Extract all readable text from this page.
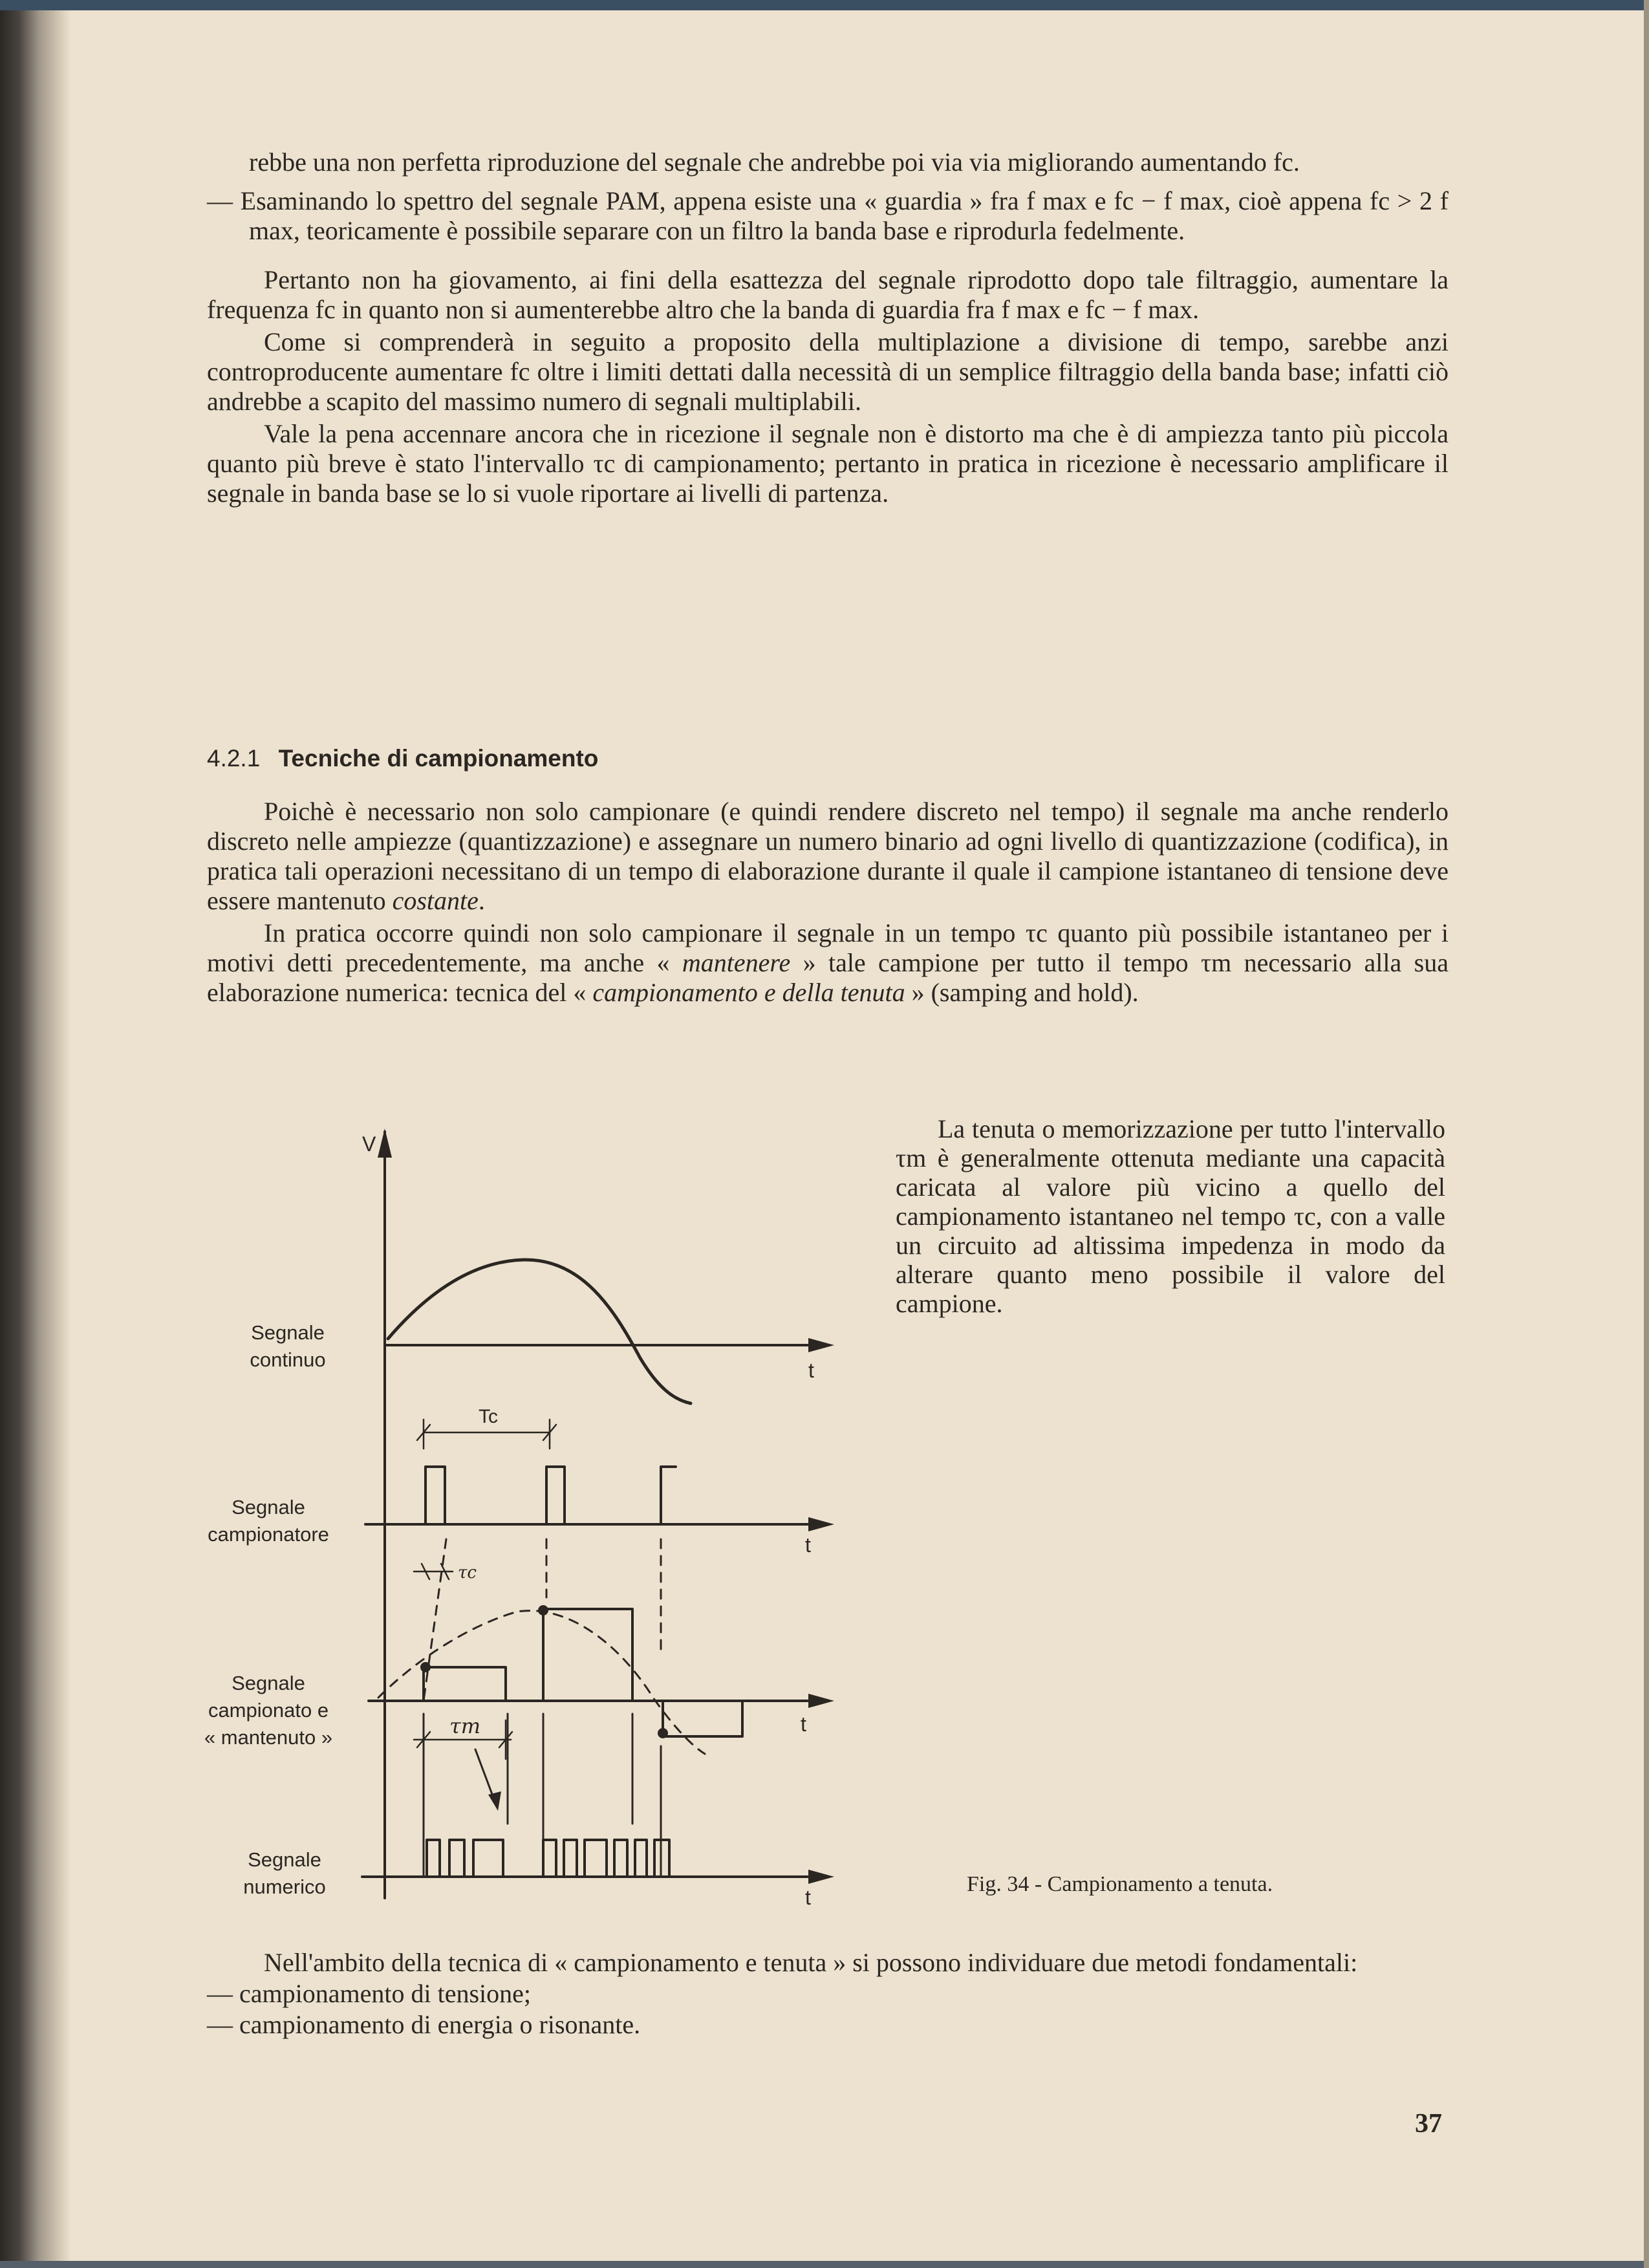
rebbe una non perfetta riproduzione del segnale che andrebbe poi via via migliorando aumentando fc.

— Esaminando lo spettro del segnale PAM, appena esiste una « guardia » fra f max e fc − f max, cioè appena fc > 2 f max, teoricamente è possibile separare con un filtro la banda base e riprodurla fedelmente.

Pertanto non ha giovamento, ai fini della esattezza del segnale riprodotto dopo tale filtraggio, aumentare la frequenza fc in quanto non si aumenterebbe altro che la banda di guardia fra f max e fc − f max.

Come si comprenderà in seguito a proposito della multiplazione a divisione di tempo, sarebbe anzi controproducente aumentare fc oltre i limiti dettati dalla necessità di un semplice filtraggio della banda base; infatti ciò andrebbe a scapito del massimo numero di segnali multiplabili.

Vale la pena accennare ancora che in ricezione il segnale non è distorto ma che è di ampiezza tanto più piccola quanto più breve è stato l'intervallo τc di campionamento; pertanto in pratica in ricezione è necessario amplificare il segnale in banda base se lo si vuole riportare ai livelli di partenza.

4.2.1 Tecniche di campionamento

Poichè è necessario non solo campionare (e quindi rendere discreto nel tempo) il segnale ma anche renderlo discreto nelle ampiezze (quantizzazione) e assegnare un numero binario ad ogni livello di quantizzazione (codifica), in pratica tali operazioni necessitano di un tempo di elaborazione durante il quale il campione istantaneo di tensione deve essere mantenuto costante.

In pratica occorre quindi non solo campionare il segnale in un tempo τc quanto più possibile istantaneo per i motivi detti precedentemente, ma anche « mantenere » tale campione per tutto il tempo τm necessario alla sua elaborazione numerica: tecnica del « campionamento e della tenuta » (samping and hold).

La tenuta o memorizzazione per tutto l'intervallo τm è generalmente ottenuta mediante una capacità caricata al valore più vicino a quello del campionamento istantaneo nel tempo τc, con a valle un circuito ad altissima impedenza in modo da alterare quanto meno possibile il valore del campione.

V
t
Tc
t
τc
t
τm
t
Segnale
continuo
Segnale
campionatore
Segnale
campionato e
« mantenuto »
Segnale
numerico	Fig. 34 - Campionamento a tenuta.

Nell'ambito della tecnica di « campionamento e tenuta » si possono individuare due metodi fondamentali:

— campionamento di tensione;

— campionamento di energia o risonante.

37
